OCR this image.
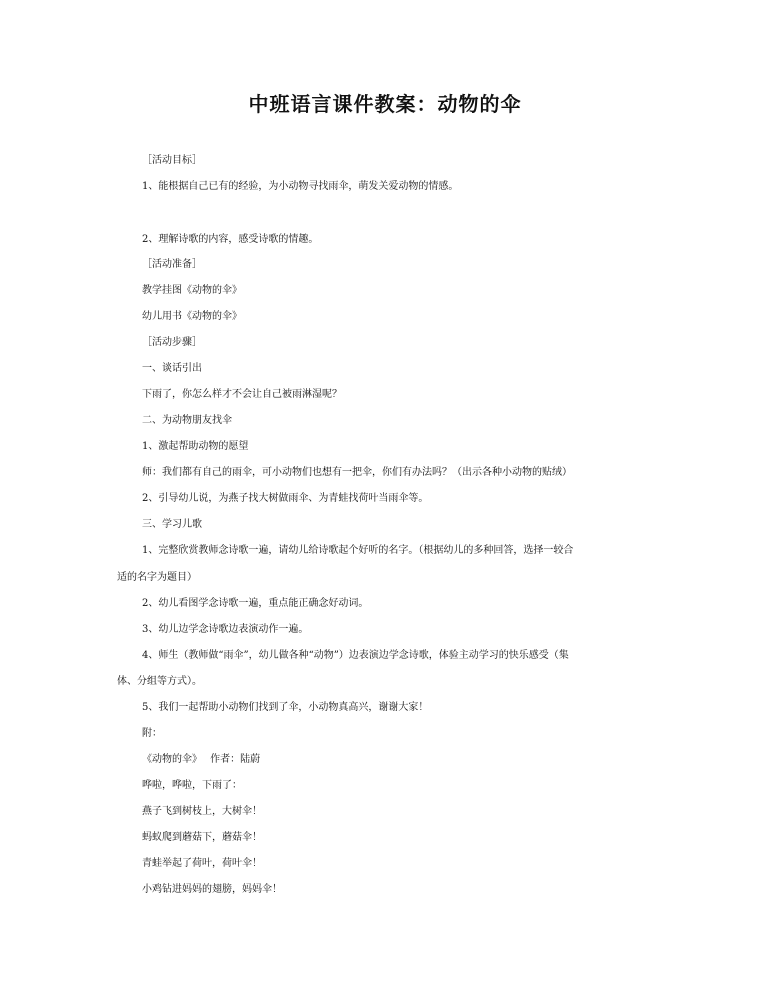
中班语言课件教案：动物的伞
［活动目标］
1、能根据自己已有的经验，为小动物寻找雨伞，萌发关爱动物的情感。
2、理解诗歌的内容，感受诗歌的情趣。
［活动准备］
教学挂图《动物的伞》
幼儿用书《动物的伞》
［活动步骤］
一、谈话引出
下雨了，你怎么样才不会让自己被雨淋湿呢？
二、为动物朋友找伞
1、激起帮助动物的愿望
师：我们都有自己的雨伞，可小动物们也想有一把伞，你们有办法吗？（出示各种小动物的贴绒）
2、引导幼儿说，为燕子找大树做雨伞、为青蛙找荷叶当雨伞等。
三、学习儿歌
1、完整欣赏教师念诗歌一遍，请幼儿给诗歌起个好听的名字。（根据幼儿的多种回答，选择一较合
适的名字为题目）
2、幼儿看图学念诗歌一遍，重点能正确念好动词。
3、幼儿边学念诗歌边表演动作一遍。
4、师生（教师做“雨伞”，幼儿做各种“动物”）边表演边学念诗歌，体验主动学习的快乐感受（集
体、分组等方式）。
5、我们一起帮助小动物们找到了伞，小动物真高兴，谢谢大家！
附：
《动物的伞》　 作者：陆蔚
哗啦，哗啦，下雨了：
燕子飞到树枝上，大树伞！
蚂蚁爬到蘑菇下，蘑菇伞！
青蛙举起了荷叶，荷叶伞！
小鸡钻进妈妈的翅膀，妈妈伞！
